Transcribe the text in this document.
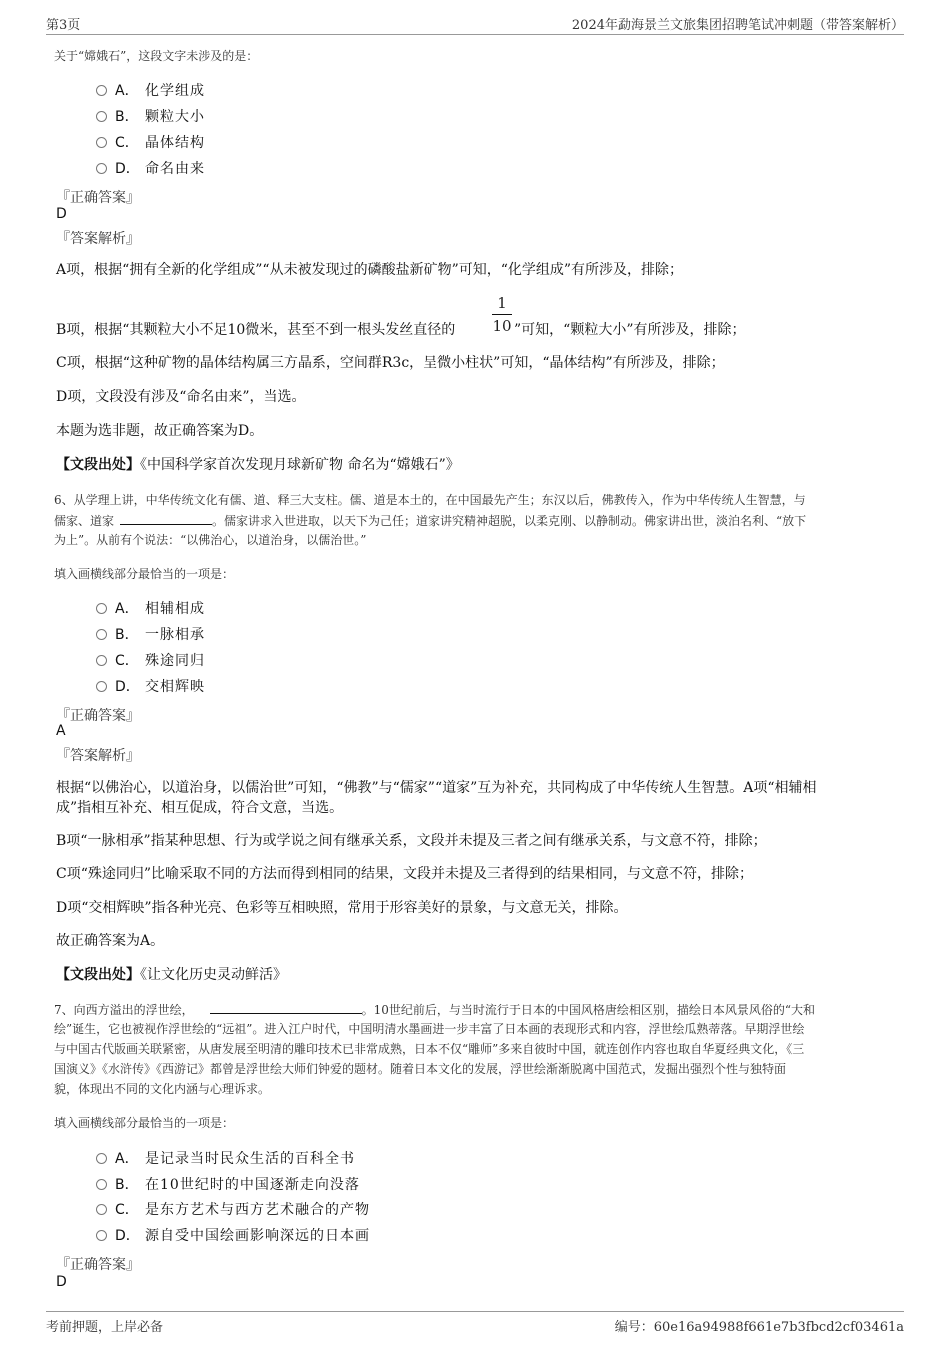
第3页	2024年勐海景兰文旅集团招聘笔试冲刺题（带答案解析）
关于“嫦娥石”，这段文字未涉及的是：
A． 化学组成
B． 颗粒大小
C． 晶体结构
D． 命名由来
『正确答案』
D
『答案解析』
A项，根据“拥有全新的化学组成”“从未被发现过的磷酸盐新矿物”可知，“化学组成”有所涉及，排除；
B项，根据“其颗粒大小不足10微米，甚至不到一根头发丝直径的
1
10 ”可知，“颗粒大小”有所涉及，排除；
C项，根据“这种矿物的晶体结构属三方晶系，空间群R3c，呈微小柱状”可知，“晶体结构”有所涉及，排除；
D项，文段没有涉及“命名由来”，当选。
本题为选非题，故正确答案为D。
【文段出处】《中国科学家首次发现月球新矿物 命名为“嫦娥石”》
6、从学理上讲，中华传统文化有儒、道、释三大支柱。儒、道是本土的，在中国最先产生；东汉以后，佛教传入，作为中华传统人生智慧，与
儒家、道家	。儒家讲求入世进取，以天下为己任；道家讲究精神超脱，以柔克刚、以静制动。佛家讲出世，淡泊名利、“放下
为上”。从前有个说法：“以佛治心，以道治身，以儒治世。”
填入画横线部分最恰当的一项是：
A． 相辅相成
B． 一脉相承
C． 殊途同归
D． 交相辉映
『正确答案』
A
『答案解析』
根据“以佛治心，以道治身，以儒治世”可知，“佛教”与“儒家”“道家”互为补充，共同构成了中华传统人生智慧。A项“相辅相
成”指相互补充、相互促成，符合文意，当选。
B项“一脉相承”指某种思想、行为或学说之间有继承关系，文段并未提及三者之间有继承关系，与文意不符，排除；
C项“殊途同归”比喻采取不同的方法而得到相同的结果，文段并未提及三者得到的结果相同，与文意不符，排除；
D项“交相辉映”指各种光亮、色彩等互相映照，常用于形容美好的景象，与文意无关，排除。
故正确答案为A。
【文段出处】《让文化历史灵动鲜活》
7、向西方溢出的浮世绘，	。10世纪前后，与当时流行于日本的中国风格唐绘相区别，描绘日本风景风俗的“大和
绘”诞生，它也被视作浮世绘的“远祖”。进入江户时代，中国明清水墨画进一步丰富了日本画的表现形式和内容，浮世绘瓜熟蒂落。早期浮世绘
与中国古代版画关联紧密，从唐发展至明清的雕印技术已非常成熟，日本不仅“雕师”多来自彼时中国，就连创作内容也取自华夏经典文化，《三
国演义》《水浒传》《西游记》都曾是浮世绘大师们钟爱的题材。随着日本文化的发展，浮世绘渐渐脱离中国范式，发掘出强烈个性与独特面
貌，体现出不同的文化内涵与心理诉求。
填入画横线部分最恰当的一项是：
A． 是记录当时民众生活的百科全书
B． 在10世纪时的中国逐渐走向没落
C． 是东方艺术与西方艺术融合的产物
D． 源自受中国绘画影响深远的日本画
『正确答案』
D
考前押题，上岸必备	编号：60e16a94988f661e7b3fbcd2cf03461a
